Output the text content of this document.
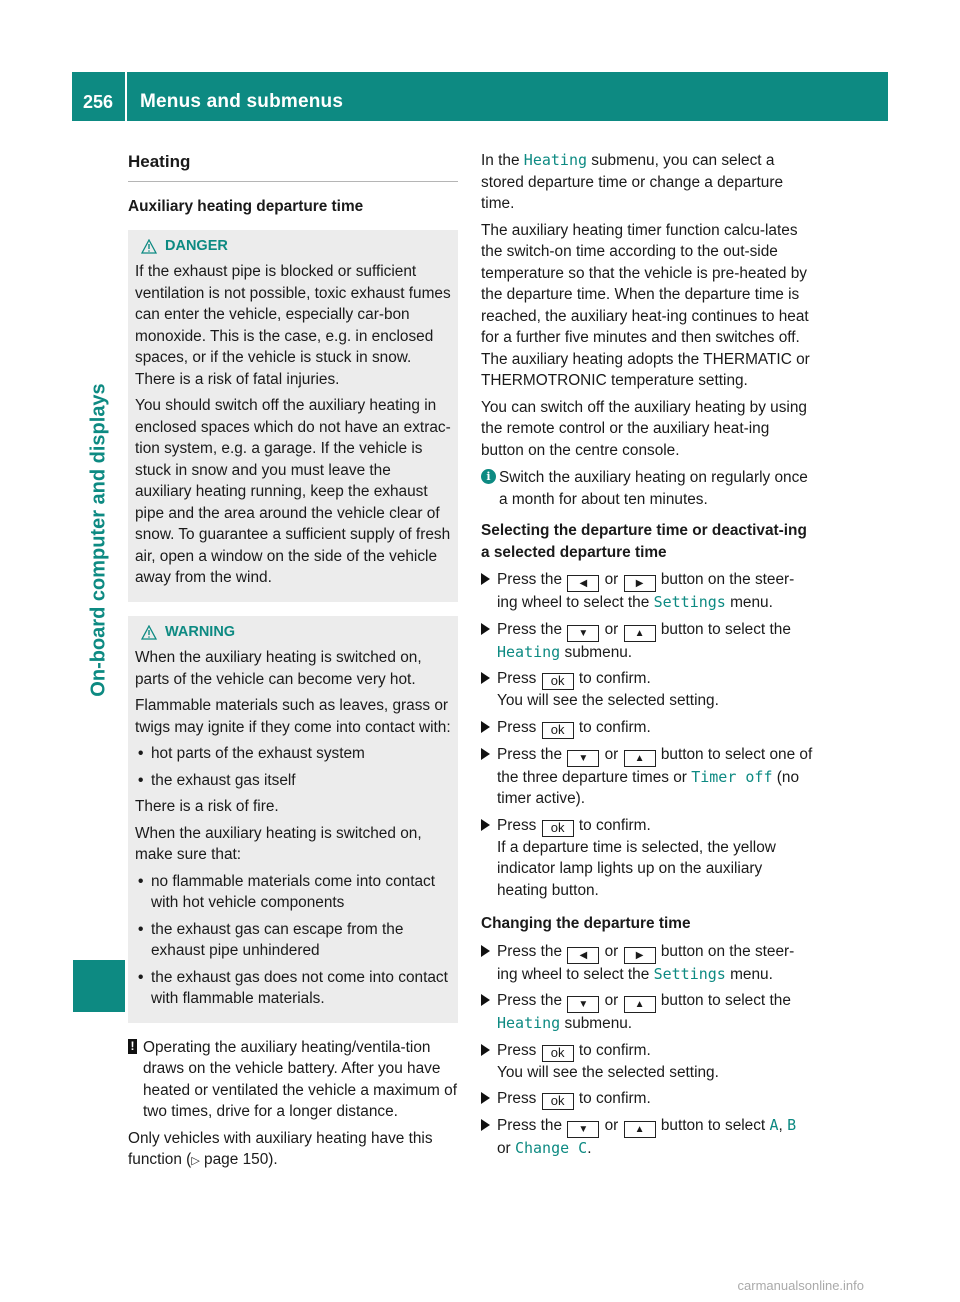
256	Menus and submenus
On-board computer and displays
Heating
Auxiliary heating departure time
DANGER

If the exhaust pipe is blocked or sufficient ventilation is not possible, toxic exhaust fumes can enter the vehicle, especially car-bon monoxide. This is the case, e.g. in enclosed spaces, or if the vehicle is stuck in snow. There is a risk of fatal injuries.

You should switch off the auxiliary heating in enclosed spaces which do not have an extrac-tion system, e.g. a garage. If the vehicle is stuck in snow and you must leave the auxiliary heating running, keep the exhaust pipe and the area around the vehicle clear of snow. To guarantee a sufficient supply of fresh air, open a window on the side of the vehicle away from the wind.

WARNING

When the auxiliary heating is switched on, parts of the vehicle can become very hot.

Flammable materials such as leaves, grass or twigs may ignite if they come into contact with:

• hot parts of the exhaust system
• the exhaust gas itself

There is a risk of fire.

When the auxiliary heating is switched on, make sure that:

• no flammable materials come into contact with hot vehicle components
• the exhaust gas can escape from the exhaust pipe unhindered
• the exhaust gas does not come into contact with flammable materials.
! Operating the auxiliary heating/ventila-tion draws on the vehicle battery. After you have heated or ventilated the vehicle a maximum of two times, drive for a longer distance.

Only vehicles with auxiliary heating have this function (▷ page 150).

In the Heating submenu, you can select a stored departure time or change a departure time.

The auxiliary heating timer function calcu-lates the switch-on time according to the out-side temperature so that the vehicle is pre-heated by the departure time. When the departure time is reached, the auxiliary heat-ing continues to heat for a further five minutes and then switches off. The auxiliary heating adopts the THERMATIC or THERMOTRONIC temperature setting.

You can switch off the auxiliary heating by using the remote control or the auxiliary heat-ing button on the centre console.

i Switch the auxiliary heating on regularly once a month for about ten minutes.
Selecting the departure time or deactivat-ing a selected departure time
Press the ◀ or ▶ button on the steer-ing wheel to select the Settings menu.
Press the ▼ or ▲ button to select the Heating submenu.
Press ok to confirm.
You will see the selected setting.
Press ok to confirm.
Press the ▼ or ▲ button to select one of the three departure times or Timer off (no timer active).
Press ok to confirm.
If a departure time is selected, the yellow indicator lamp lights up on the auxiliary heating button.
Changing the departure time
Press the ◀ or ▶ button on the steer-ing wheel to select the Settings menu.
Press the ▼ or ▲ button to select the Heating submenu.
Press ok to confirm.
You will see the selected setting.
Press ok to confirm.
Press the ▼ or ▲ button to select A, B or Change C.
carmanualsonline.info
